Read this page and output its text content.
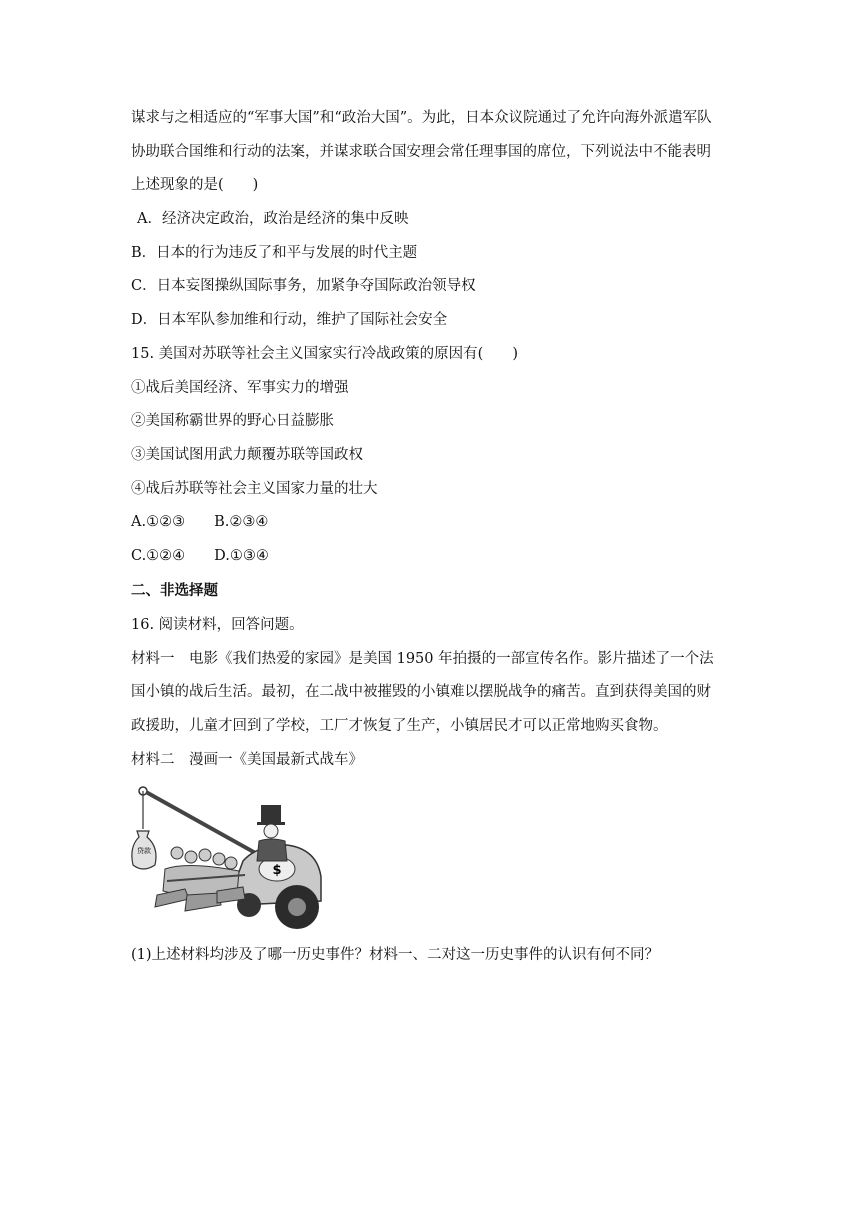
谋求与之相适应的“军事大国”和“政治大国”。为此，日本众议院通过了允许向海外派遣军队
协助联合国维和行动的法案，并谋求联合国安理会常任理事国的席位，下列说法中不能表明
上述现象的是(　　)
A．经济决定政治，政治是经济的集中反映
B．日本的行为违反了和平与发展的时代主题
C．日本妄图操纵国际事务，加紧争夺国际政治领导权
D．日本军队参加维和行动，维护了国际社会安全
15. 美国对苏联等社会主义国家实行冷战政策的原因有(　　)
①战后美国经济、军事实力的增强
②美国称霸世界的野心日益膨胀
③美国试图用武力颠覆苏联等国政权
④战后苏联等社会主义国家力量的壮大
A.①②③　　B.②③④
C.①②④　　D.①③④
二、非选择题
16. 阅读材料，回答问题。
材料一　电影《我们热爱的家园》是美国 1950 年拍摄的一部宣传名作。影片描述了一个法
国小镇的战后生活。最初，在二战中被摧毁的小镇难以摆脱战争的痛苦。直到获得美国的财
政援助，儿童才回到了学校，工厂才恢复了生产，小镇居民才可以正常地购买食物。
材料二　漫画一《美国最新式战车》
贷款
$
(1)上述材料均涉及了哪一历史事件？材料一、二对这一历史事件的认识有何不同？
